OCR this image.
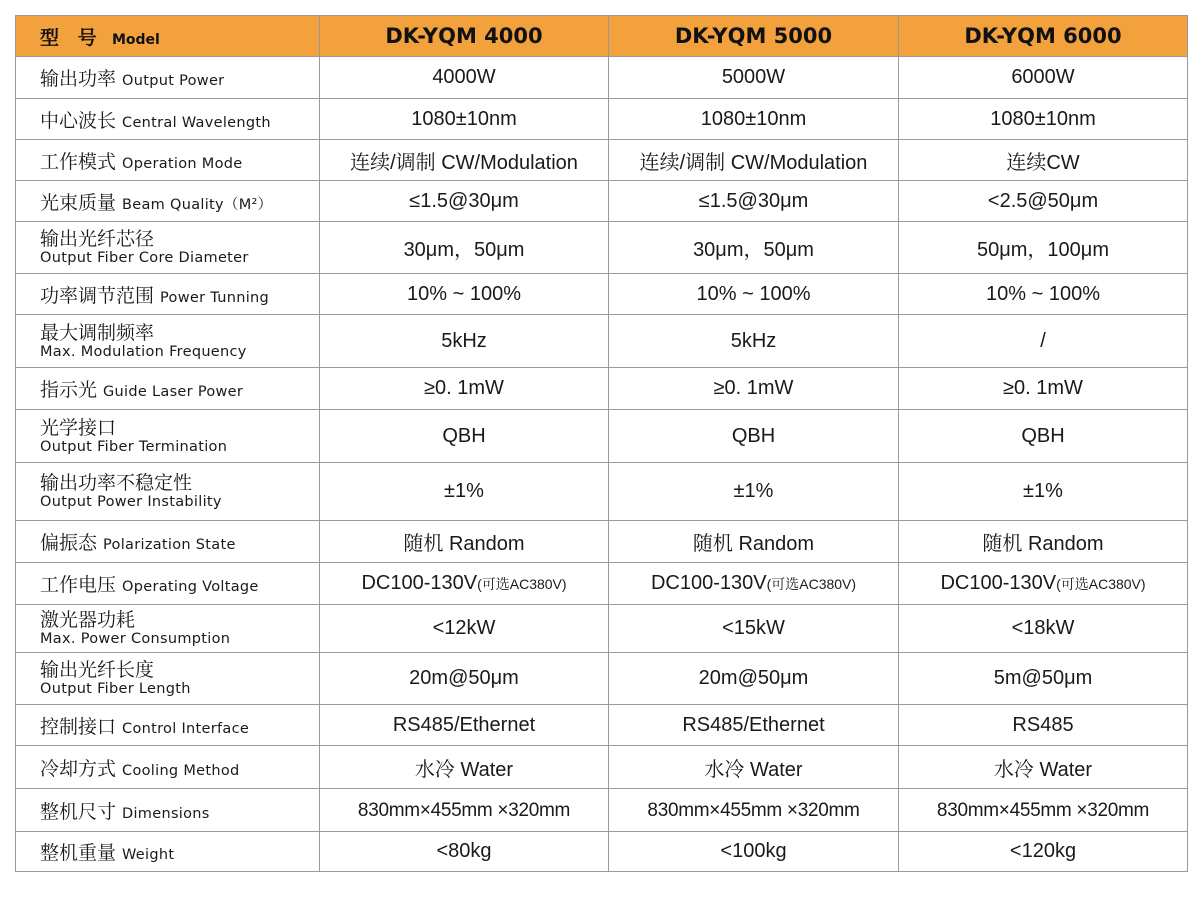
型 号 Model	DK-YQM 4000	DK-YQM 5000	DK-YQM 6000
输出功率 Output Power	4000W	5000W	6000W
中心波长 Central Wavelength	1080±10nm	1080±10nm	1080±10nm
工作模式 Operation Mode	连续/调制 CW/Modulation	连续/调制 CW/Modulation	连续CW
光束质量 Beam Quality（M²）	≤1.5@30μm	≤1.5@30μm	<2.5@50μm

输出光纤芯径
Output Fiber Core Diameter	30μm，50μm	30μm，50μm	50μm，100μm
功率调节范围 Power Tunning	10% ~ 100%	10% ~ 100%	10% ~ 100%

最大调制频率
Max. Modulation Frequency	5kHz	5kHz	/
指示光 Guide Laser Power	≥0. 1mW	≥0. 1mW	≥0. 1mW

光学接口
Output Fiber Termination	QBH	QBH	QBH

输出功率不稳定性
Output Power Instability	±1%	±1%	±1%
偏振态 Polarization State	随机 Random	随机 Random	随机 Random
工作电压 Operating Voltage	DC100-130V(可选AC380V)	DC100-130V(可选AC380V)	DC100-130V(可选AC380V)

激光器功耗
Max. Power Consumption	<12kW	<15kW	<18kW

输出光纤长度
Output Fiber Length	20m@50μm	20m@50μm	5m@50μm
控制接口 Control Interface	RS485/Ethernet	RS485/Ethernet	RS485
冷却方式 Cooling Method	水冷 Water	水冷 Water	水冷 Water
整机尺寸 Dimensions	830mm×455mm ×320mm	830mm×455mm ×320mm	830mm×455mm ×320mm
整机重量 Weight	<80kg	<100kg	<120kg
